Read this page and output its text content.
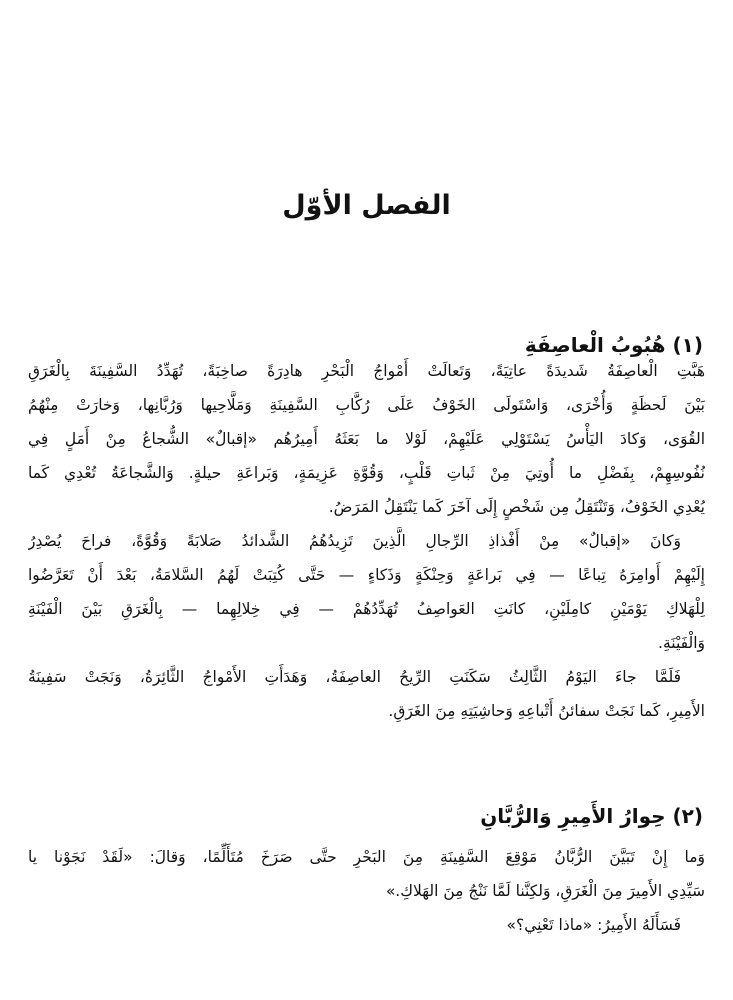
الفصل الأوّل
(١) هُبُوبُ الْعاصِفَةِ
هَبَّتِ الْعاصِفَةُ شَديدَةً عاتِيَةً، وَتَعالَتْ أَمْواجُ الْبَحْرِ هادِرَةً صاخِبَةً، تُهَدِّدُ السَّفِينَةَ بِالْغَرَقِ
بَيْنَ لَحظَةٍ وَأُخْرَى، وَاسْتَولَى الخَوْفُ عَلَى رُكَّابِ السَّفِينَةِ وَمَلَّاحِيها وَرُبَّانِها، وَخارَتْ مِنْهُمُ
القُوَى، وَكادَ اليَأْسُ يَسْتَوْلِي عَلَيْهِمْ، لَوْلا ما بَعَثَهُ أَمِيرُهُم «إقبالٌ» الشُّجاعُ مِنْ أَمَلٍ فِي
نُفُوسِهِمْ، بِفَضْلِ ما أُوتِيَ مِنْ ثَباتِ قَلْبٍ، وَقُوَّةِ عَزِيمَةٍ، وَبَراعَةِ حيلةٍ. وَالشَّجاعَةُ تُعْدِي كَما
يُعْدِي الخَوْفُ، وَتَنْتَقِلُ مِن شَخْصٍ إِلَى آخَرَ كَما يَنْتَقِلُ المَرَضُ.
وَكانَ «إقبالٌ» مِنْ أَفْذاذِ الرِّجالِ الَّذِينَ تَزِيدُهُمُ الشَّدائدُ صَلابَةً وَقُوَّةً، فراحَ يُصْدِرُ
إِلَيْهِمْ أَوامِرَهُ تِباعًا — فِي بَراعَةٍ وَحِنْكَةٍ وَذَكاءٍ — حَتَّى كُتِبَتْ لَهُمُ السَّلامَةُ، بَعْدَ أَنْ تَعَرَّضُوا
لِلْهَلاكِ يَوْمَيْنِ كامِلَيْنِ، كانَتِ العَواصِفُ تُهَدِّدُهُمْ — فِي خِلالِهِما — بِالْغَرَقِ بَيْنَ الْفَيْنَةِ
وَالْفَيْنَةِ.
فَلَمَّا جاءَ اليَوْمُ الثَّالِثُ سَكَنَتِ الرِّيحُ العاصِفَةُ، وَهَدَأَتِ الأَمْواجُ الثَّائِرَةُ، وَنَجَتْ سَفِينَةُ
الأَمِيرِ، كَما نَجَتْ سفائنُ أَتْباعِهِ وَحاشِيَتِهِ مِنَ الغَرَقِ.
(٢) حِوارُ الأَمِيرِ وَالرُّبَّانِ
وَما إِنْ تَبَيَّنَ الرُّبَّانُ مَوْقِعَ السَّفِينَةِ مِنَ البَحْرِ حتَّى صَرَخَ مُتَأَلِّمًا، وَقالَ: «لَقَدْ نَجَوْنا يا
سَيِّدِي الأَمِيرَ مِنَ الْغَرَقِ، وَلكِنَّنا لَمَّا نَنْجُ مِنَ الهَلاكِ.»
فَسَأَلَهُ الأَمِيرُ: «ماذا تَعْنِي؟»
